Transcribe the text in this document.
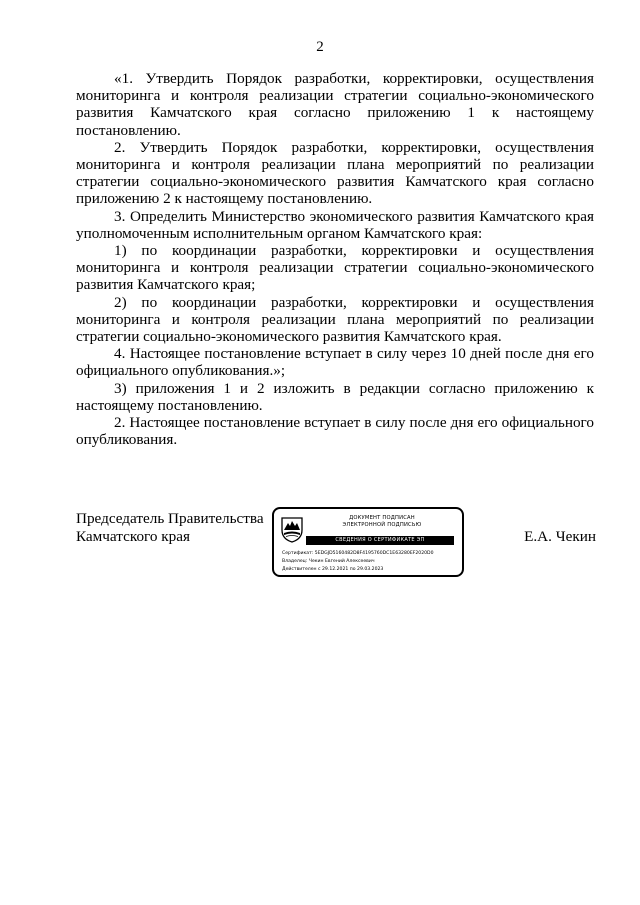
2

«1. Утвердить Порядок разработки, корректировки, осуществления мониторинга и контроля реализации стратегии социально-экономического развития Камчатского края согласно приложению 1 к настоящему постановлению.

2. Утвердить Порядок разработки, корректировки, осуществления мониторинга и контроля реализации плана мероприятий по реализации стратегии социально-экономического развития Камчатского края согласно приложению 2 к настоящему постановлению.

3. Определить Министерство экономического развития Камчатского края уполномоченным исполнительным органом Камчатского края:

1) по координации разработки, корректировки и осуществления мониторинга и контроля реализации стратегии социально-экономического развития Камчатского края;

2) по координации разработки, корректировки и осуществления мониторинга и контроля реализации плана мероприятий по реализации стратегии социально-экономического развития Камчатского края.

4. Настоящее постановление вступает в силу через 10 дней после дня его официального опубликования.»;

3) приложения 1 и 2 изложить в редакции согласно приложению к настоящему постановлению.

2. Настоящее постановление вступает в силу после дня его официального опубликования.

Председатель Правительства
Камчатского края
ДОКУМЕНТ ПОДПИСАН
ЭЛЕКТРОННОЙ ПОДПИСЬЮ
СВЕДЕНИЯ О СЕРТИФИКАТЕ ЭП
Сертификат: 5EDGJD5160482D8F4195760DC1E63280EF2020D0
Владелец: Чекин Евгений Алексеевич
Действителен с 29.12.2021 по 29.03.2023
Е.А. Чекин
